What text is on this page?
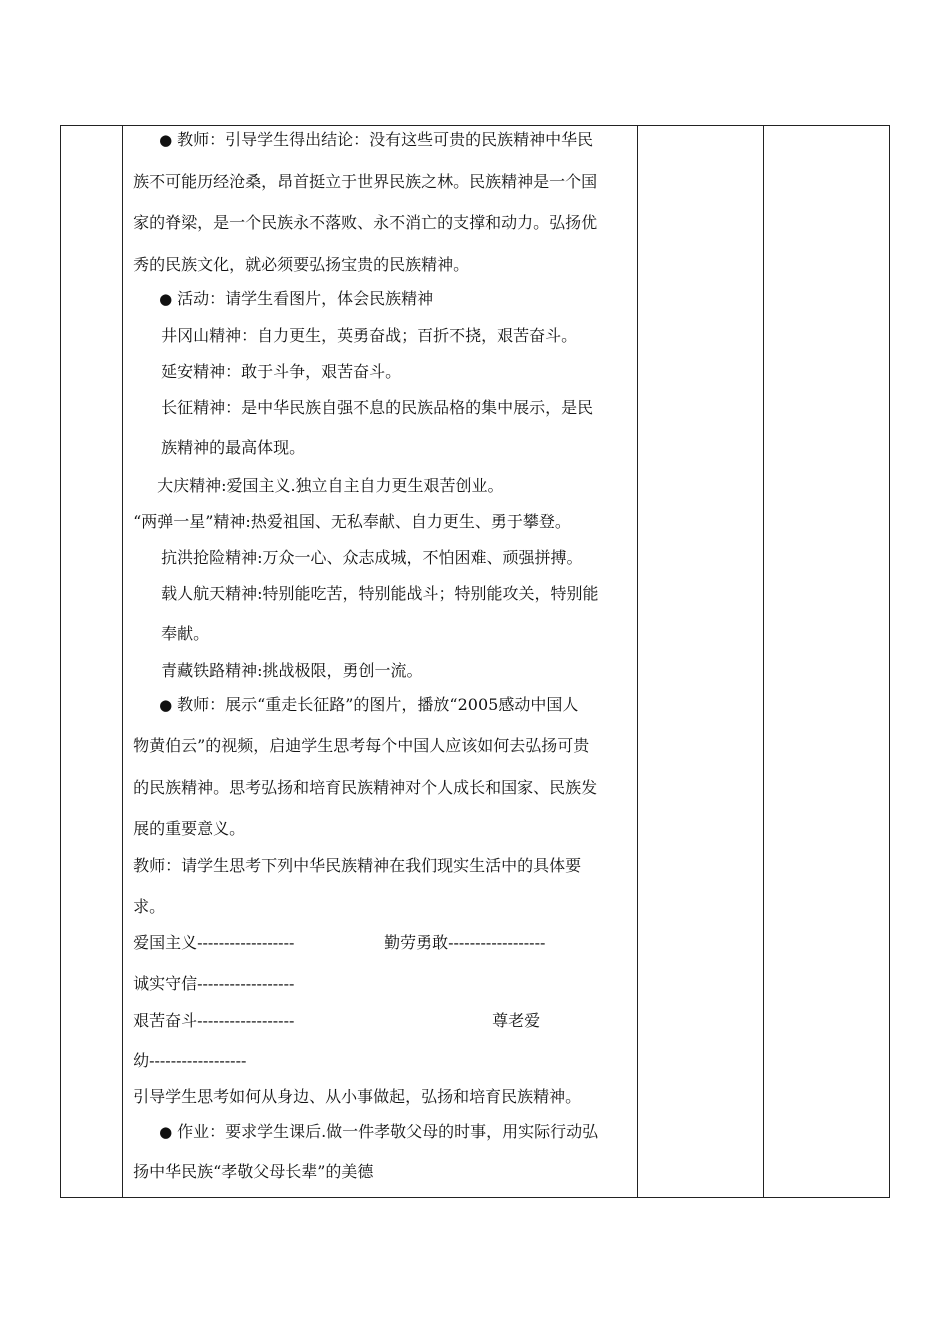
● 教师：引导学生得出结论：没有这些可贵的民族精神中华民

族不可能历经沧桑，昂首挺立于世界民族之林。民族精神是一个国

家的脊梁，是一个民族永不落败、永不消亡的支撑和动力。弘扬优

秀的民族文化，就必须要弘扬宝贵的民族精神。

● 活动：请学生看图片，体会民族精神

井冈山精神：自力更生，英勇奋战；百折不挠，艰苦奋斗。

延安精神：敢于斗争，艰苦奋斗。

长征精神：是中华民族自强不息的民族品格的集中展示，是民

族精神的最高体现。

大庆精神:爱国主义.独立自主自力更生艰苦创业。

“两弹一星”精神:热爱祖国、无私奉献、自力更生、勇于攀登。

抗洪抢险精神:万众一心、众志成城，不怕困难、顽强拼搏。

载人航天精神:特别能吃苦，特别能战斗；特别能攻关，特别能

奉献。

青藏铁路精神:挑战极限，勇创一流。

● 教师：展示“重走长征路”的图片，播放“2005感动中国人

物黄伯云”的视频，启迪学生思考每个中国人应该如何去弘扬可贵

的民族精神。思考弘扬和培育民族精神对个人成长和国家、民族发

展的重要意义。

教师：请学生思考下列中华民族精神在我们现实生活中的具体要

求。

爱国主义------------------	勤劳勇敢------------------

诚实守信------------------

艰苦奋斗------------------	尊老爱

幼------------------

引导学生思考如何从身边、从小事做起，弘扬和培育民族精神。

● 作业：要求学生课后.做一件孝敬父母的时事，用实际行动弘

扬中华民族“孝敬父母长辈”的美德
